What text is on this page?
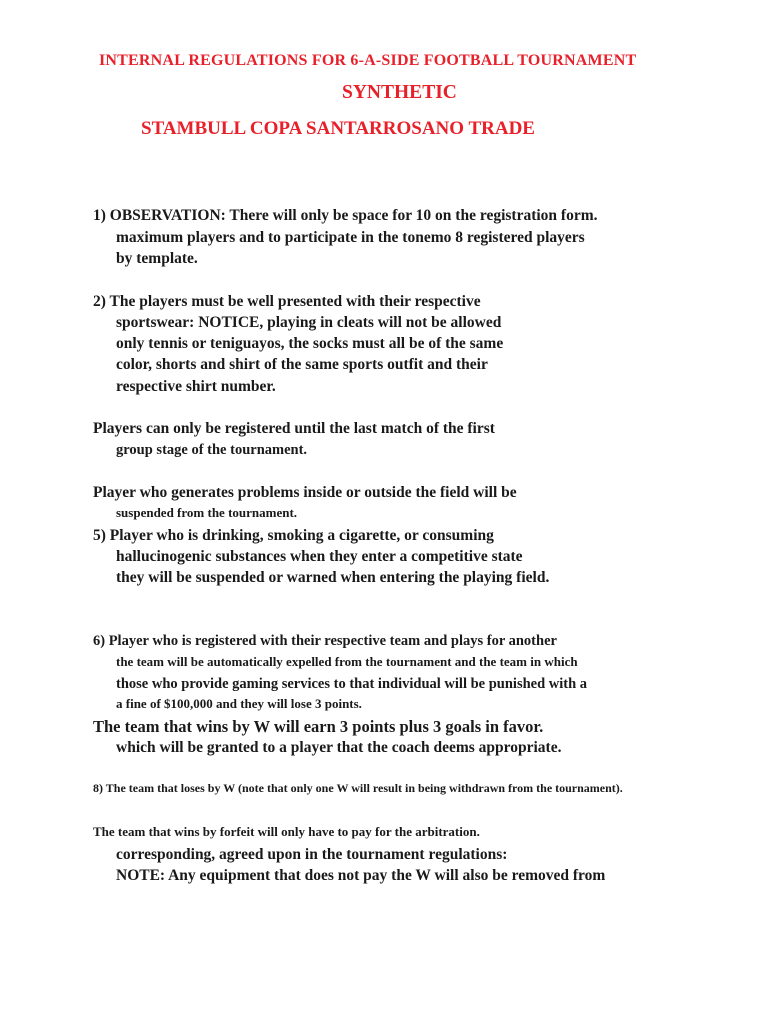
INTERNAL REGULATIONS FOR 6-A-SIDE FOOTBALL TOURNAMENT
SYNTHETIC
STAMBULL COPA SANTARROSANO TRADE
1) OBSERVATION: There will only be space for 10 on the registration form.
maximum players and to participate in the tonemo 8 registered players
by template.
2) The players must be well presented with their respective
sportswear: NOTICE, playing in cleats will not be allowed
only tennis or teniguayos, the socks must all be of the same
color, shorts and shirt of the same sports outfit and their
respective shirt number.
Players can only be registered until the last match of the first
group stage of the tournament.
Player who generates problems inside or outside the field will be
suspended from the tournament.
5) Player who is drinking, smoking a cigarette, or consuming
hallucinogenic substances when they enter a competitive state
they will be suspended or warned when entering the playing field.
6) Player who is registered with their respective team and plays for another
the team will be automatically expelled from the tournament and the team in which
those who provide gaming services to that individual will be punished with a
a fine of $100,000 and they will lose 3 points.
The team that wins by W will earn 3 points plus 3 goals in favor.
which will be granted to a player that the coach deems appropriate.
8) The team that loses by W (note that only one W will result in being withdrawn from the tournament).
The team that wins by forfeit will only have to pay for the arbitration.
corresponding, agreed upon in the tournament regulations:
NOTE: Any equipment that does not pay the W will also be removed from
